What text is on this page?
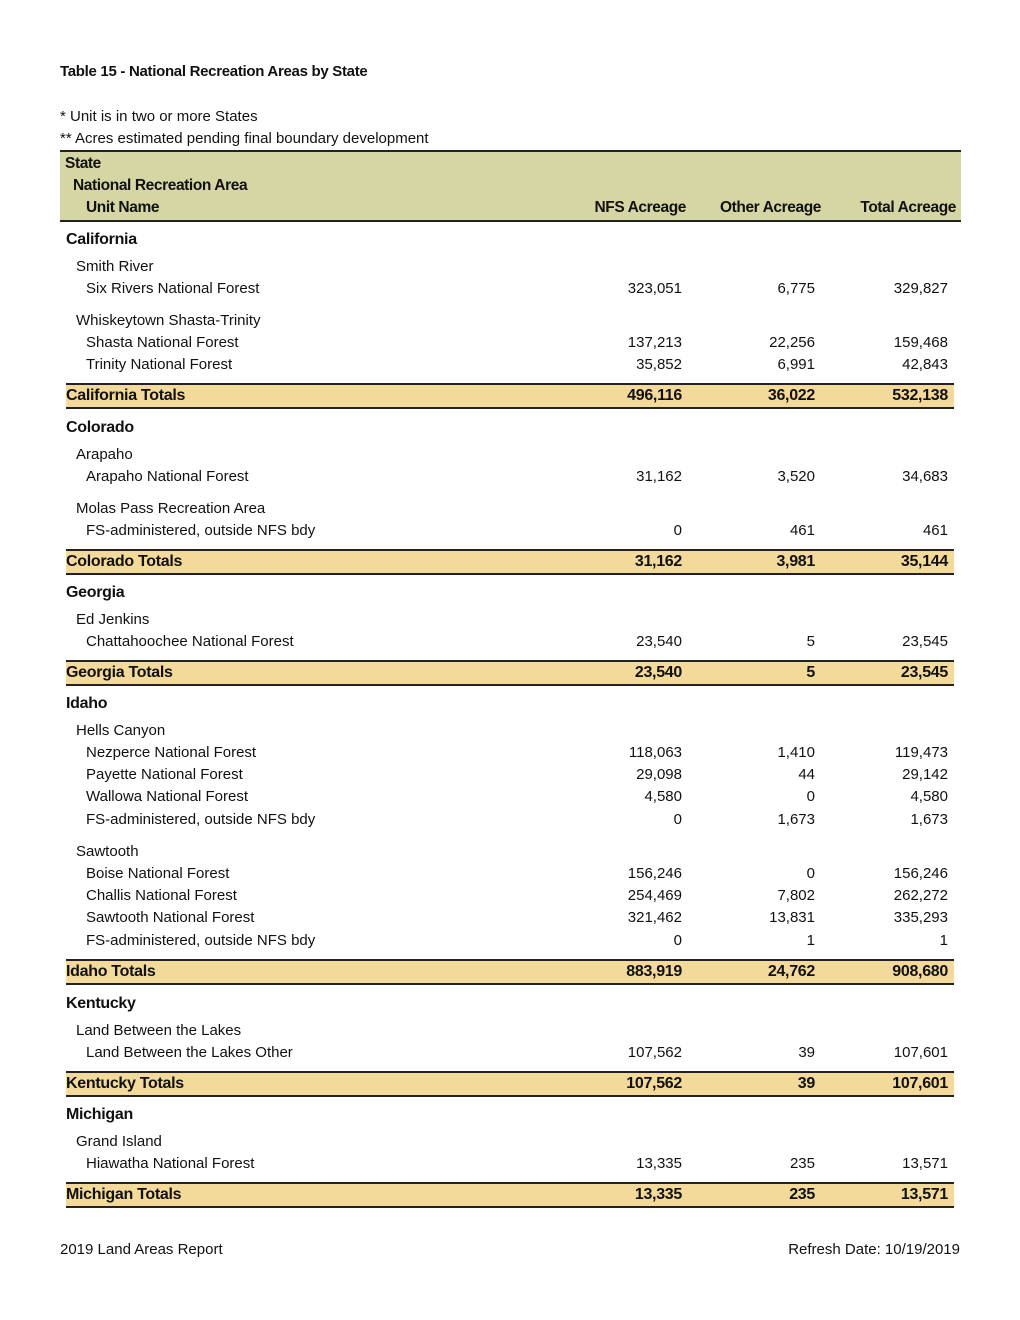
Table 15 - National Recreation Areas by State
* Unit is in two or more States
** Acres estimated pending final boundary development
State
National Recreation Area
Unit Name	NFS Acreage Other Acreage	Total Acreage
California
Smith River
Six Rivers National Forest	323,051	6,775	329,827
Whiskeytown Shasta-Trinity
Shasta National Forest	137,213	22,256	159,468
Trinity National Forest	35,852	6,991	42,843
California Totals	496,116	36,022	532,138
Colorado
Arapaho
Arapaho National Forest	31,162	3,520	34,683
Molas Pass Recreation Area
FS-administered, outside NFS bdy	0	461	461
Colorado Totals	31,162	3,981	35,144
Georgia
Ed Jenkins
Chattahoochee National Forest	23,540	5	23,545
Georgia Totals	23,540	5	23,545
Idaho
Hells Canyon
Nezperce National Forest	118,063	1,410	119,473
Payette National Forest	29,098	44	29,142
Wallowa National Forest	4,580	0	4,580
FS-administered, outside NFS bdy	0	1,673	1,673
Sawtooth
Boise National Forest	156,246	0	156,246
Challis National Forest	254,469	7,802	262,272
Sawtooth National Forest	321,462	13,831	335,293
FS-administered, outside NFS bdy	0	1	1
Idaho Totals	883,919	24,762	908,680
Kentucky
Land Between the Lakes
Land Between the Lakes Other	107,562	39	107,601
Kentucky Totals	107,562	39	107,601
Michigan
Grand Island
Hiawatha National Forest	13,335	235	13,571
Michigan Totals	13,335	235	13,571
2019 Land Areas Report	Refresh Date: 10/19/2019
